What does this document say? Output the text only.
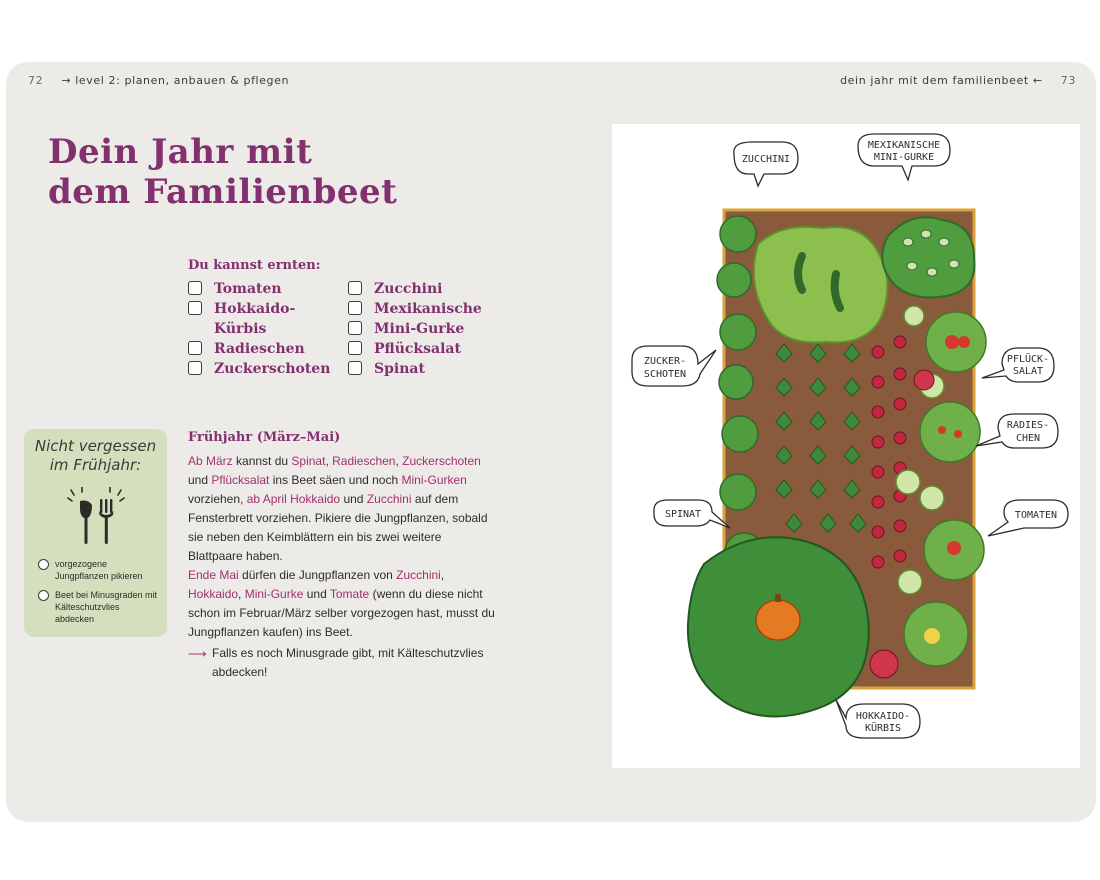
72 → level 2: planen, anbauen & pflegen	dein jahr mit dem familienbeet ← 73
Dein Jahr mit
dem Familienbeet
Du kannst ernten:
Tomaten
Hokkaido-
Kürbis
Radieschen
Zuckerschoten
Zucchini
Mexikanische
Mini-Gurke
Pflücksalat
Spinat
Frühjahr (März–Mai)

Ab März kannst du Spinat, Radieschen, Zuckerschoten und Pflücksalat ins Beet säen und noch Mini-Gurken vorziehen, ab April Hokkaido und Zucchini auf dem Fensterbrett vorziehen. Pikiere die Jungpflanzen, sobald sie neben den Keimblättern ein bis zwei weitere Blattpaare haben.

Ende Mai dürfen die Jungpflanzen von Zucchini, Hokkaido, Mini-Gurke und Tomate (wenn du diese nicht schon im Februar/März selber vorgezogen hast, musst du Jungpflanzen kaufen) ins Beet.

⟶ Falls es noch Minusgrade gibt, mit Kälteschutzvlies abdecken!
Nicht vergessen
im Frühjahr:
vorgezogene Jungpflanzen pikieren
Beet bei Minusgraden mit Kälteschutzvlies abdecken
ZUCCHINI
MEXIKANISCHE
MINI-GURKE
ZUCKER-
SCHOTEN
PFLÜCK-
SALAT
RADIES-
CHEN
SPINAT	TOMATEN
HOKKAIDO-
KÜRBIS
